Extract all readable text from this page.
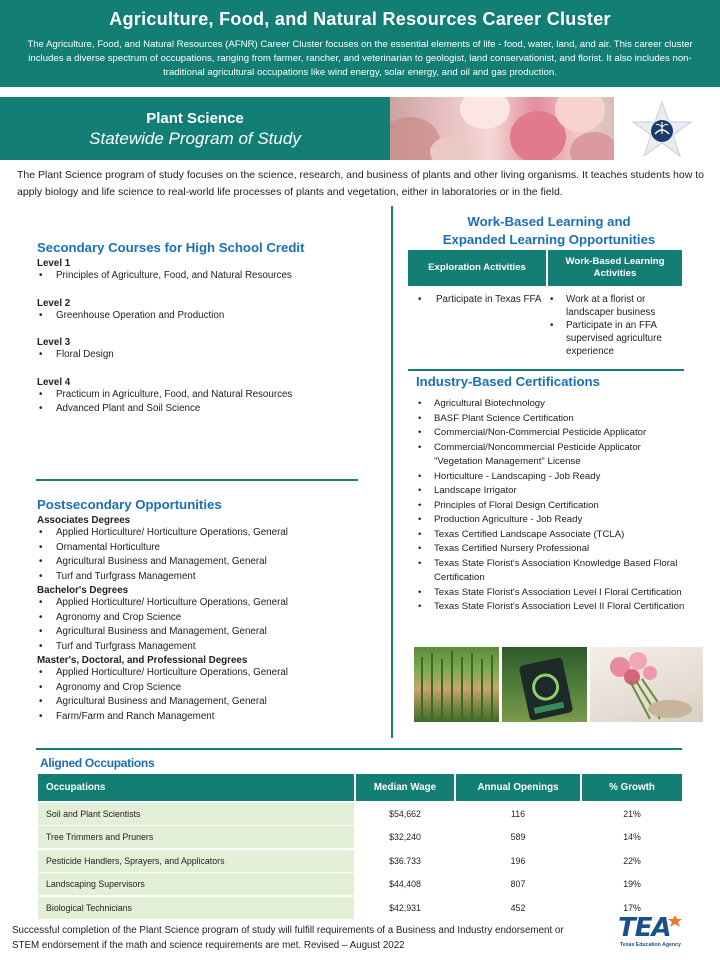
Agriculture, Food, and Natural Resources Career Cluster
The Agriculture, Food, and Natural Resources (AFNR) Career Cluster focuses on the essential elements of life - food, water, land, and air. This career cluster includes a diverse spectrum of occupations, ranging from farmer, rancher, and veterinarian to geologist, land conservationist, and florist. It also includes non-traditional agricultural occupations like wind energy, solar energy, and oil and gas production.
Plant Science
Statewide Program of Study
The Plant Science program of study focuses on the science, research, and business of plants and other living organisms. It teaches students how to apply biology and life science to real-world life processes of plants and vegetation, either in laboratories or in the field.
Secondary Courses for High School Credit
Level 1
• Principles of Agriculture, Food, and Natural Resources
Level 2
• Greenhouse Operation and Production
Level 3
• Floral Design
Level 4
• Practicum in Agriculture, Food, and Natural Resources
• Advanced Plant and Soil Science
Postsecondary Opportunities
Associates Degrees
• Applied Horticulture/ Horticulture Operations, General
• Ornamental Horticulture
• Agricultural Business and Management, General
• Turf and Turfgrass Management
Bachelor's Degrees
• Applied Horticulture/ Horticulture Operations, General
• Agronomy and Crop Science
• Agricultural Business and Management, General
• Turf and Turfgrass Management
Master's, Doctoral, and Professional Degrees
• Applied Horticulture/ Horticulture Operations, General
• Agronomy and Crop Science
• Agricultural Business and Management, General
• Farm/Farm and Ranch Management
Work-Based Learning and
Expanded Learning Opportunities
Exploration Activities
Work-Based Learning Activities
• Participate in Texas FFA
•	Work at a florist or landscaper business
• Participate in an FFA supervised agriculture experience
Industry-Based Certifications
• Agricultural Biotechnology
• BASF Plant Science Certification
• Commercial/Non-Commercial Pesticide Applicator
• Commercial/Noncommercial Pesticide Applicator "Vegetation Management" License
• Horticulture - Landscaping - Job Ready
• Landscape Irrigator
• Principles of Floral Design Certification
• Production Agriculture - Job Ready
• Texas Certified Landscape Associate (TCLA)
• Texas Certified Nursery Professional
• Texas State Florist's Association Knowledge Based Floral Certification
• Texas State Florist's Association Level I Floral Certification
• Texas State Florist's Association Level II Floral Certification
Aligned Occupations
Occupations	Median Wage	Annual Openings	% Growth
Soil and Plant Scientists	$54,662	116	21%
Tree Trimmers and Pruners	$32,240	589	14%
Pesticide Handlers, Sprayers, and Applicators	$36.733	196	22%
Landscaping Supervisors	$44,408	807	19%
Biological Technicians	$42,931	452	17%
Successful completion of the Plant Science program of study will fulfill requirements of a Business and Industry endorsement or STEM endorsement if the math and science requirements are met. Revised – August 2022
TEA
Texas Education Agency
